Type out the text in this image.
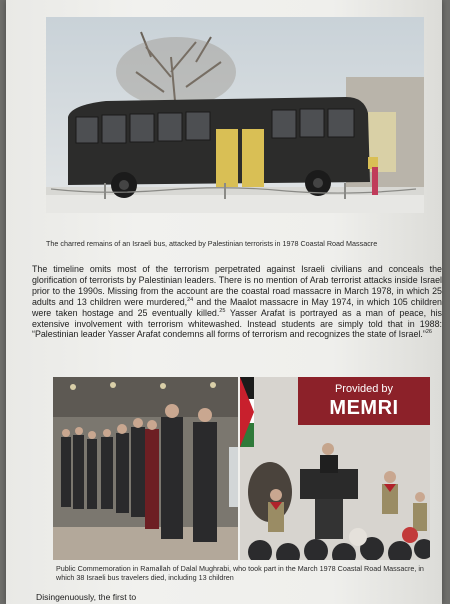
The charred remains of an Israeli bus, attacked by Palestinian terrorists in 1978 Coastal Road Massacre

The timeline omits most of the terrorism perpetrated against Israeli civilians and conceals the glorification of terrorists by Palestinian leaders. There is no mention of Arab terrorist attacks inside Israel prior to the 1990s. Missing from the account are the coastal road massacre in March 1978, in which 25 adults and 13 children were murdered,$^{24}$ and the Maalot massacre in May 1974, in which 105 children were taken hostage and 25 eventually killed.$^{25}$ Yasser Arafat is portrayed as a man of peace, his extensive involvement with terrorism whitewashed. Instead students are simply told that in 1988: “Palestinian leader Yasser Arafat condemns all forms of terrorism and recognizes the state of Israel.”$^{26}$

Provided by
MEMRI

Public Commemoration in Ramallah of Dalal Mughrabi, who took part in the March 1978 Coastal Road Massacre, in which 38 Israeli bus travelers died, including 13 children

Disingenuously, the first to
